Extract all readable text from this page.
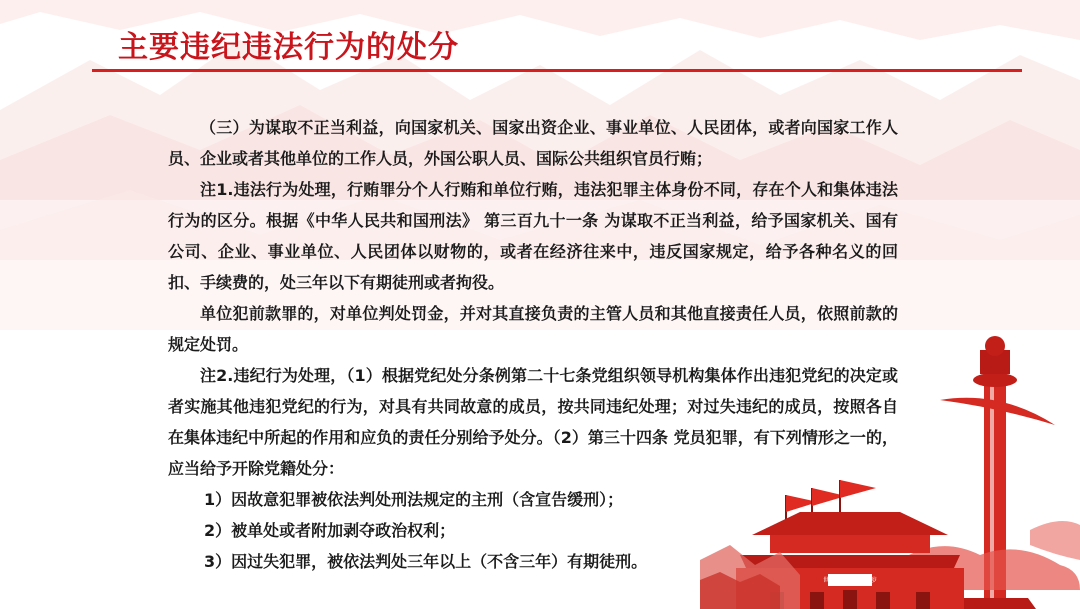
主要违纪违法行为的处分
世界人民大团结万岁

（三）为谋取不正当利益，向国家机关、国家出资企业、事业单位、人民团体，或者向国家工作人员、企业或者其他单位的工作人员，外国公职人员、国际公共组织官员行贿；

注1.违法行为处理，行贿罪分个人行贿和单位行贿，违法犯罪主体身份不同，存在个人和集体违法行为的区分。根据《中华人民共和国刑法》 第三百九十一条 为谋取不正当利益，给予国家机关、国有公司、企业、事业单位、人民团体以财物的，或者在经济往来中，违反国家规定，给予各种名义的回扣、手续费的，处三年以下有期徒刑或者拘役。

单位犯前款罪的，对单位判处罚金，并对其直接负责的主管人员和其他直接责任人员，依照前款的规定处罚。

注2.违纪行为处理，（1）根据党纪处分条例第二十七条党组织领导机构集体作出违犯党纪的决定或者实施其他违犯党纪的行为，对具有共同故意的成员，按共同违纪处理；对过失违纪的成员，按照各自在集体违纪中所起的作用和应负的责任分别给予处分。（2）第三十四条 党员犯罪，有下列情形之一的，应当给予开除党籍处分：

1）因故意犯罪被依法判处刑法规定的主刑（含宣告缓刑）；

2）被单处或者附加剥夺政治权利；

3）因过失犯罪，被依法判处三年以上（不含三年）有期徒刑。
